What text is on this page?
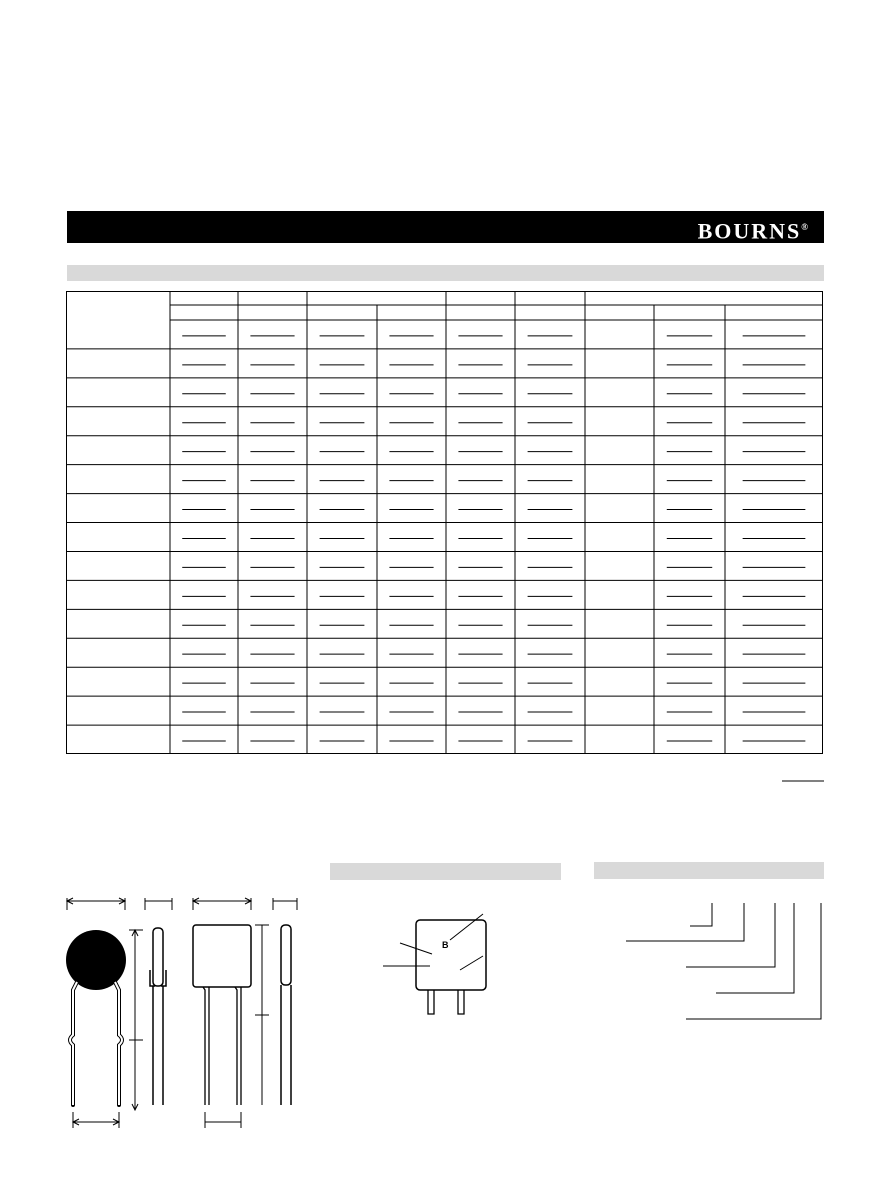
BOURNS®
B
